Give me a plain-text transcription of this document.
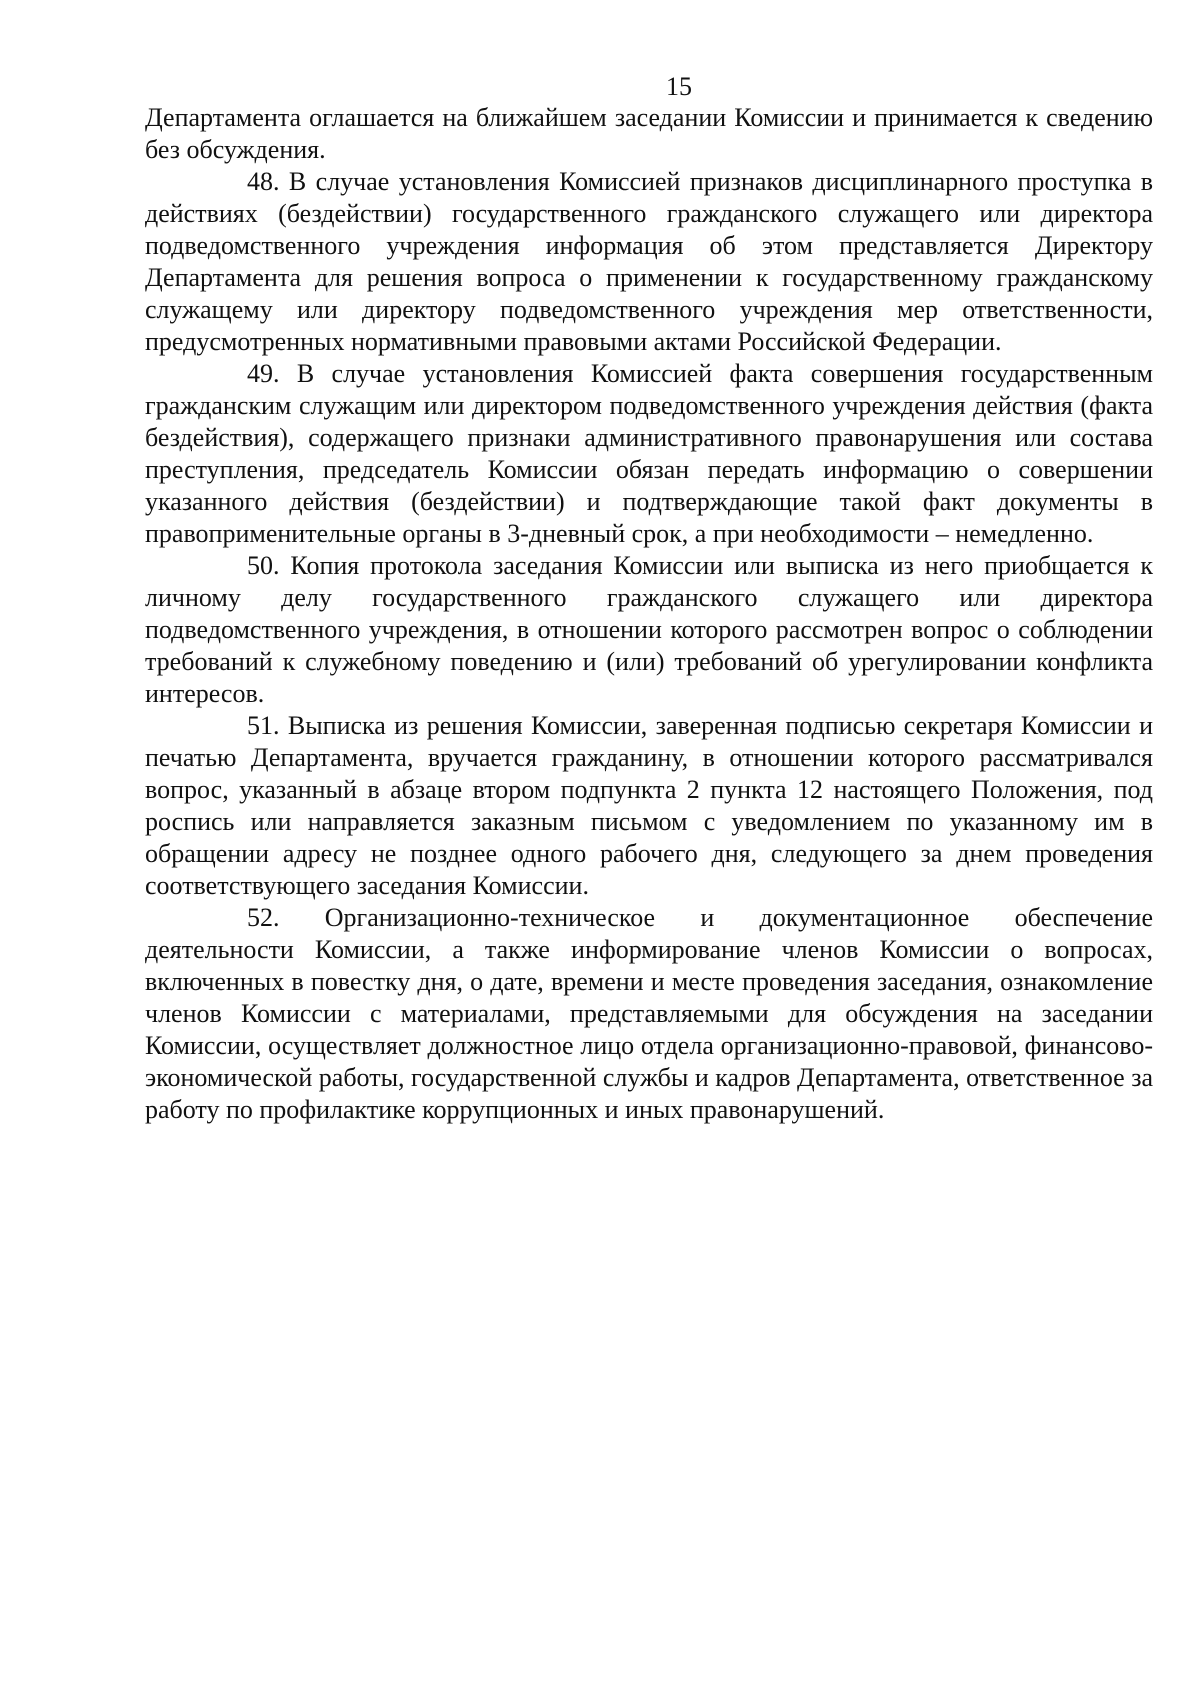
15

Департамента оглашается на ближайшем заседании Комиссии и принимается к сведению без обсуждения.

48. В случае установления Комиссией признаков дисциплинарного проступка в действиях (бездействии) государственного гражданского служащего или директора подведомственного учреждения информация об этом представляется Директору Департамента для решения вопроса о применении к государственному гражданскому служащему или директору подведомственного учреждения мер ответственности, предусмотренных нормативными правовыми актами Российской Федерации.

49. В случае установления Комиссией факта совершения государственным гражданским служащим или директором подведомственного учреждения действия (факта бездействия), содержащего признаки административного правонарушения или состава преступления, председатель Комиссии обязан передать информацию о совершении указанного действия (бездействии) и подтверждающие такой факт документы в правоприменительные органы в 3-дневный срок, а при необходимости – немедленно.

50. Копия протокола заседания Комиссии или выписка из него приобщается к личному делу государственного гражданского служащего или директора подведомственного учреждения, в отношении которого рассмотрен вопрос о соблюдении требований к служебному поведению и (или) требований об урегулировании конфликта интересов.

51. Выписка из решения Комиссии, заверенная подписью секретаря Комиссии и печатью Департамента, вручается гражданину, в отношении которого рассматривался вопрос, указанный в абзаце втором подпункта 2 пункта 12 настоящего Положения, под роспись или направляется заказным письмом с уведомлением по указанному им в обращении адресу не позднее одного рабочего дня, следующего за днем проведения соответствующего заседания Комиссии.

52. Организационно-техническое и документационное обеспечение деятельности Комиссии, а также информирование членов Комиссии о вопросах, включенных в повестку дня, о дате, времени и месте проведения заседания, ознакомление членов Комиссии с материалами, представляемыми для обсуждения на заседании Комиссии, осуществляет должностное лицо отдела организационно-правовой, финансово-экономической работы, государственной службы и кадров Департамента, ответственное за работу по профилактике коррупционных и иных правонарушений.
